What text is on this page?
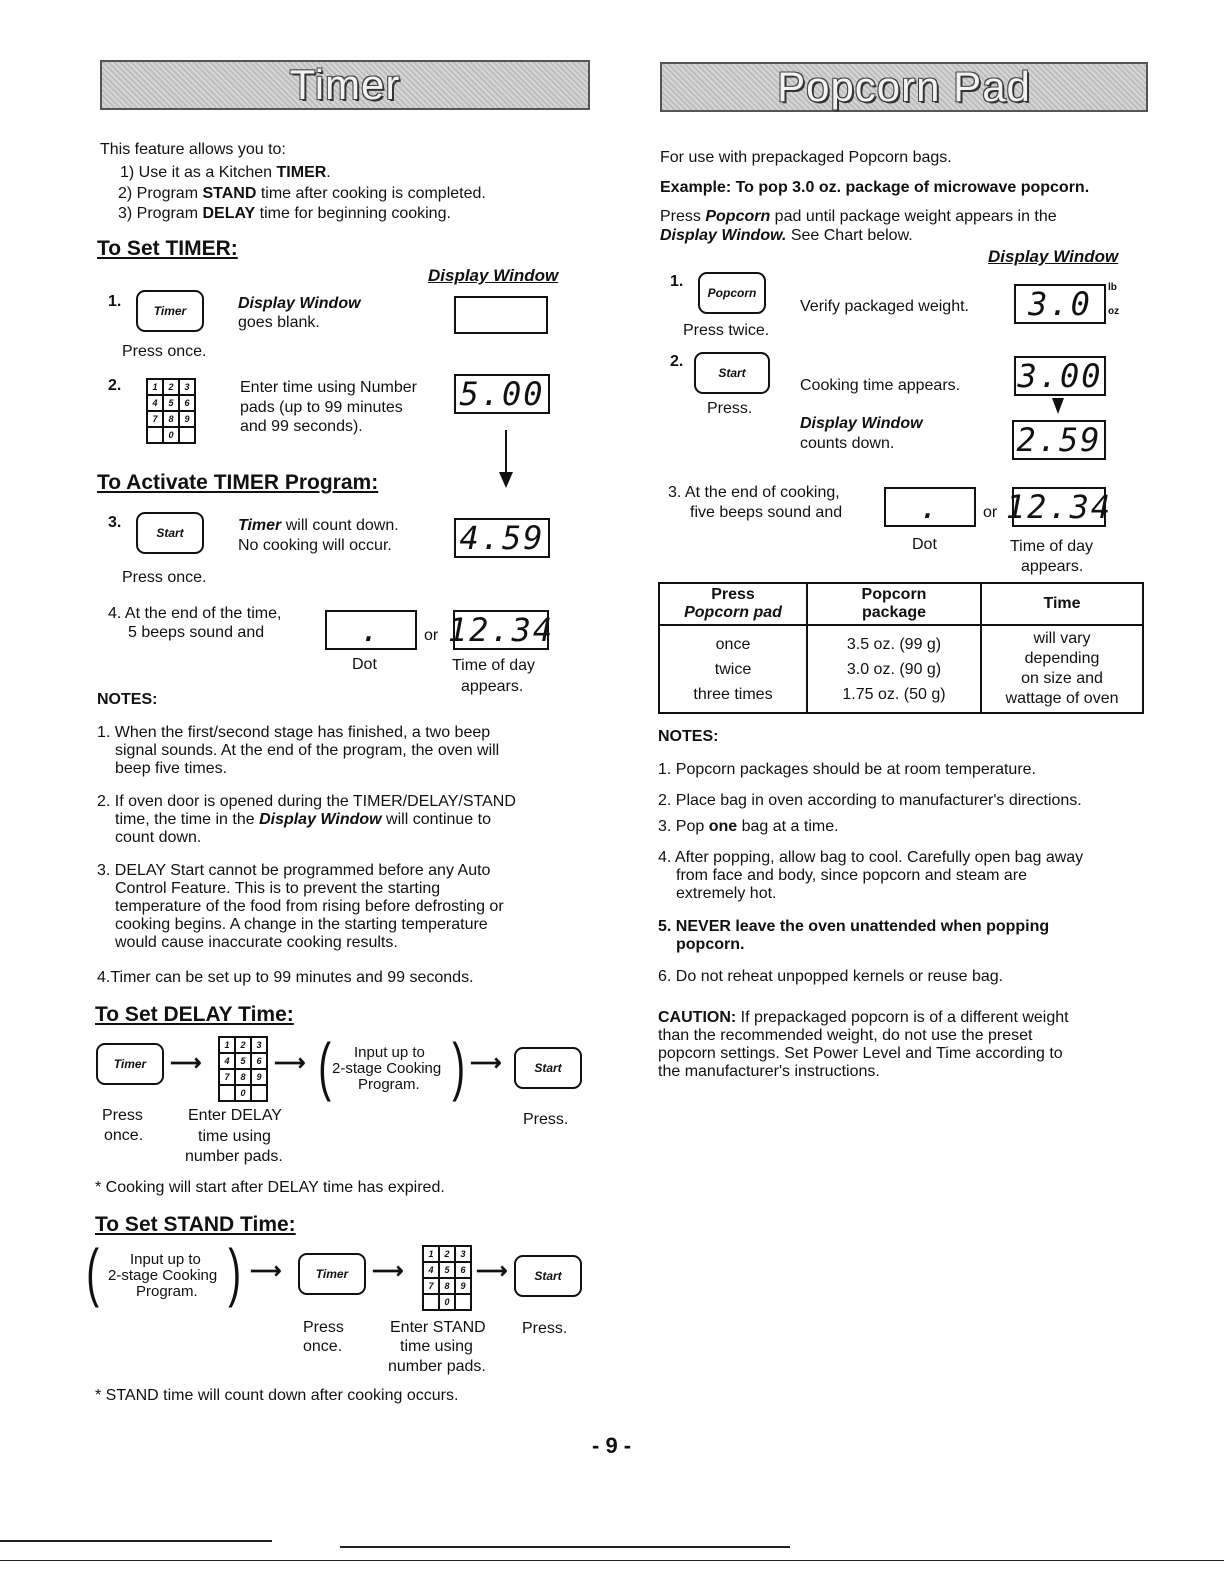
Timer
This feature allows you to:
1) Use it as a Kitchen TIMER.
2) Program STAND time after cooking is completed.
3) Program DELAY time for beginning cooking.
To Set TIMER:
Display Window
1.
Timer	Display Window
goes blank.
Press once.
2.	1	2	3
4	5	6
7	8	9
0
Enter time using Number
pads (up to 99 minutes
and 99 seconds).
5.00
To Activate TIMER Program:
3.
Start	Timer will count down.
No cooking will occur. 4.59
Press once.
4. At the end of the time,
5 beeps sound and	.	or 12.34
Dot	Time of day
appears.
NOTES:
1. When the first/second stage has finished, a two beep
signal sounds. At the end of the program, the oven will
beep five times.
2. If oven door is opened during the TIMER/DELAY/STAND
time, the time in the Display Window will continue to
count down.
3. DELAY Start cannot be programmed before any Auto
Control Feature. This is to prevent the starting
temperature of the food from rising before defrosting or
cooking begins. A change in the starting temperature
would cause inaccurate cooking results.
4.Timer can be set up to 99 minutes and 99 seconds.
To Set DELAY Time:
Timer	⟶
1	2	3
4	5	6
7	8	9
0
⟶ ( Input up to
2-stage Cooking
Program. ) ⟶	Start
Press
once.
Enter DELAY
time using
number pads.
Press.
* Cooking will start after DELAY time has expired.
To Set STAND Time:
( Input up to
2-stage Cooking
Program. ) ⟶	Timer	⟶
1	2	3
4	5	6
7	8	9
0
⟶	Start
Press
once.
Enter STAND
time using
number pads.
Press.
* STAND time will count down after cooking occurs.
Popcorn Pad
For use with prepackaged Popcorn bags.
Example: To pop 3.0 oz. package of microwave popcorn.
Press Popcorn pad until package weight appears in the
Display Window. See Chart below.
Display Window
1.
Popcorn
Verify packaged weight. 3.0 lb
oz
Press twice.
2.
Start
Cooking time appears. 3.00
Press.
Display Window
counts down.	2.59
3. At the end of cooking,
five beeps sound and	.	or 12.34
Dot	Time of day
appears.
Press
Popcorn pad	Popcorn
package	Time
once
twice
three times	3.5 oz. (99 g)
3.0 oz. (90 g)
1.75 oz. (50 g)	will vary
depending
on size and
wattage of oven
NOTES:
1. Popcorn packages should be at room temperature.
2. Place bag in oven according to manufacturer's directions.
3. Pop one bag at a time.
4. After popping, allow bag to cool. Carefully open bag away
from face and body, since popcorn and steam are
extremely hot.
5. NEVER leave the oven unattended when popping
popcorn.
6. Do not reheat unpopped kernels or reuse bag.
CAUTION: If prepackaged popcorn is of a different weight
than the recommended weight, do not use the preset
popcorn settings. Set Power Level and Time according to
the manufacturer's instructions.
- 9 -
